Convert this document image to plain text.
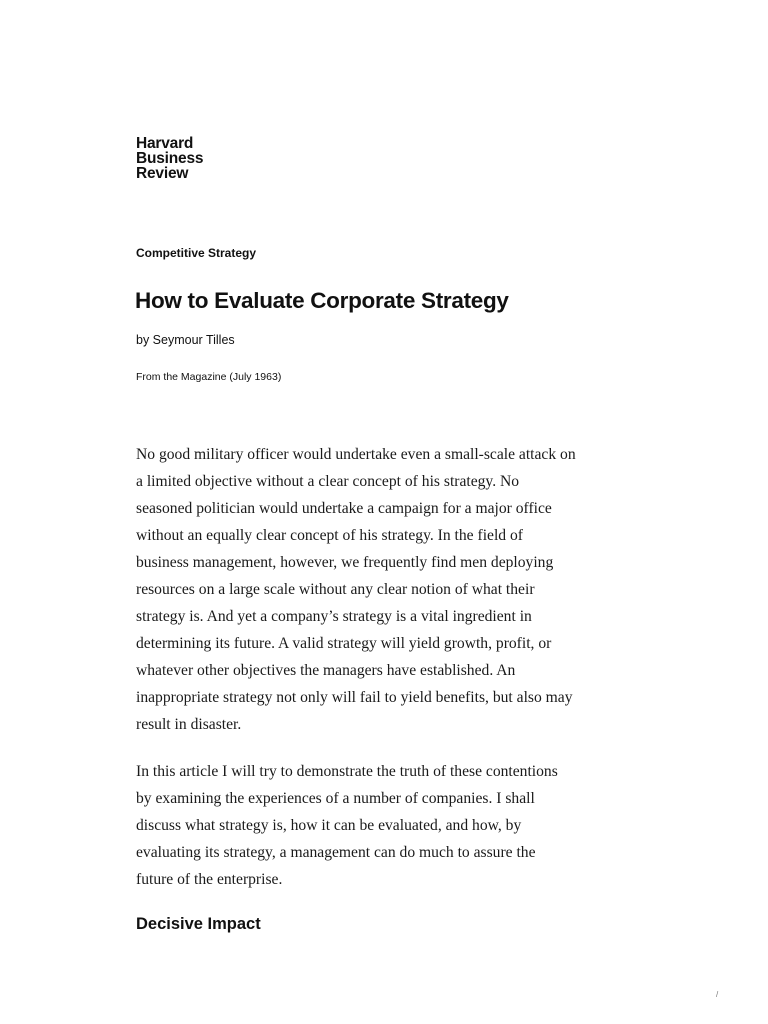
Harvard
Business
Review
Competitive Strategy
How to Evaluate Corporate Strategy
by Seymour Tilles
From the Magazine (July 1963)

No good military officer would undertake even a small-scale attack on
a limited objective without a clear concept of his strategy. No
seasoned politician would undertake a campaign for a major office
without an equally clear concept of his strategy. In the field of
business management, however, we frequently find men deploying
resources on a large scale without any clear notion of what their
strategy is. And yet a company’s strategy is a vital ingredient in
determining its future. A valid strategy will yield growth, profit, or
whatever other objectives the managers have established. An
inappropriate strategy not only will fail to yield benefits, but also may
result in disaster.

In this article I will try to demonstrate the truth of these contentions
by examining the experiences of a number of companies. I shall
discuss what strategy is, how it can be evaluated, and how, by
evaluating its strategy, a management can do much to assure the
future of the enterprise.

Decisive Impact
/
